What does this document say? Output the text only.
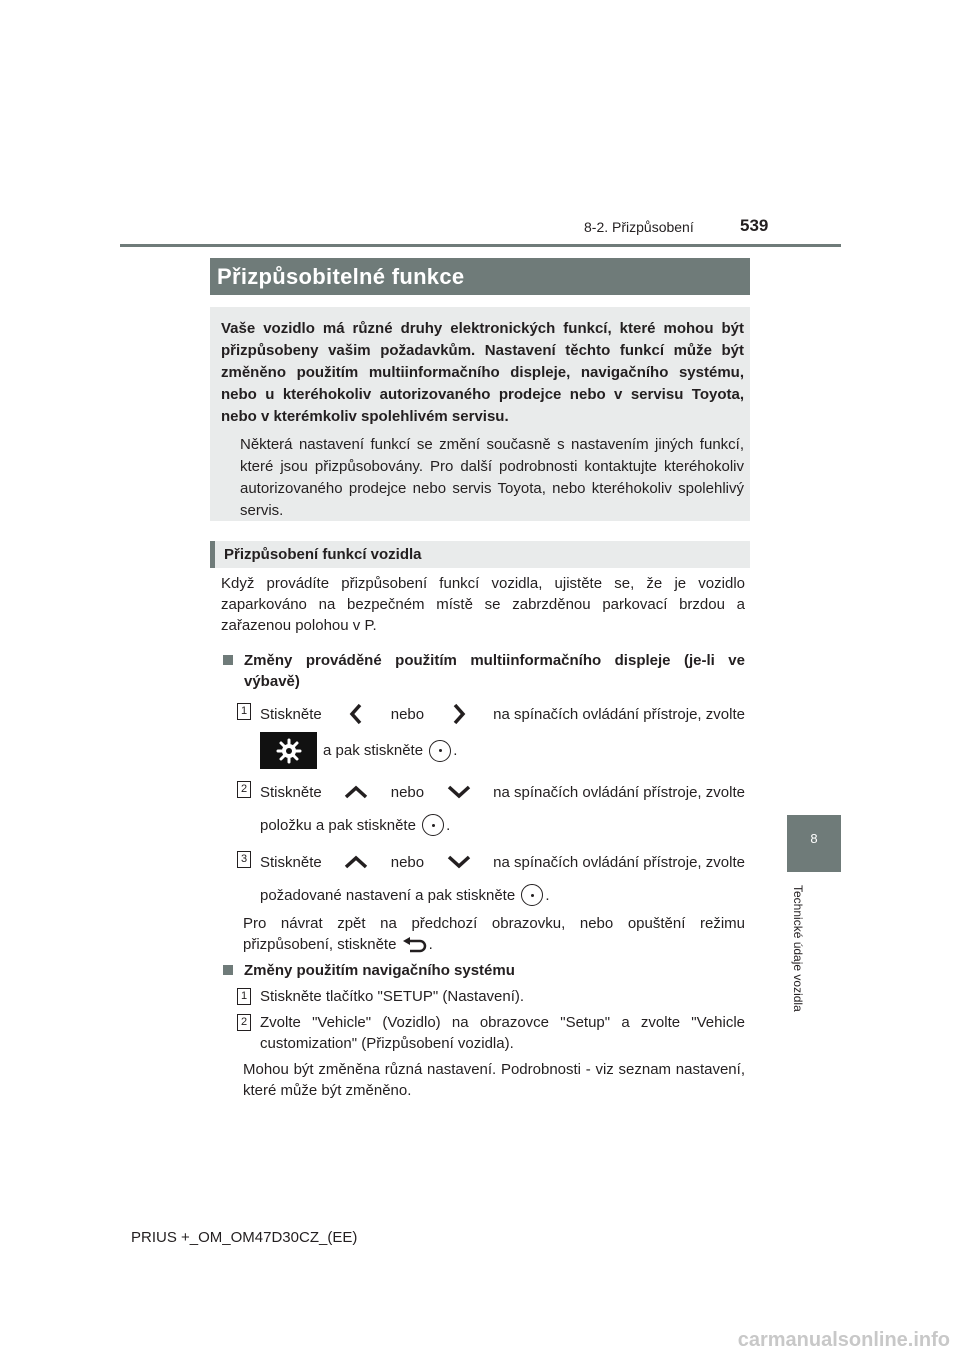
8-2. Přizpůsobení	539
8
Technické údaje vozidla
Přizpůsobitelné funkce

Vaše vozidlo má různé druhy elektronických funkcí, které mohou být přizpůsobeny vašim požadavkům. Nastavení těchto funkcí může být změněno použitím multiinformačního displeje, navigačního systému, nebo u kteréhokoliv autorizovaného prodejce nebo v servisu Toyota, nebo v kterémkoliv spolehlivém servisu.

Některá nastavení funkcí se změní současně s nastavením jiných funkcí, které jsou přizpůsobovány. Pro další podrobnosti kontaktujte kteréhokoliv autorizovaného prodejce nebo servis Toyota, nebo kteréhokoliv spolehlivý servis.

Přizpůsobení funkcí vozidla

Když provádíte přizpůsobení funkcí vozidla, ujistěte se, že je vozidlo zaparkováno na bezpečném místě se zabrzděnou parkovací brzdou a zařazenou polohou v P.

Změny prováděné použitím multiinformačního displeje (je-li ve výbavě)
1 Stiskněte	nebo	na spínačích ovládání přístroje, zvolte
a pak stiskněte
.
2 Stiskněte	nebo	na spínačích ovládání přístroje, zvolte
položku a pak stiskněte
.
3 Stiskněte	nebo	na spínačích ovládání přístroje, zvolte
požadované nastavení a pak stiskněte
.

Pro návrat zpět na předchozí obrazovku, nebo opuštění režimu přizpůsobení, stiskněte .

Změny použitím navigačního systému
1 Stiskněte tlačítko "SETUP" (Nastavení).
2 Zvolte "Vehicle" (Vozidlo) na obrazovce "Setup" a zvolte "Vehicle customization" (Přizpůsobení vozidla).

Mohou být změněna různá nastavení. Podrobnosti - viz seznam nastavení, které může být změněno.

PRIUS +_OM_OM47D30CZ_(EE)
carmanualsonline.info
